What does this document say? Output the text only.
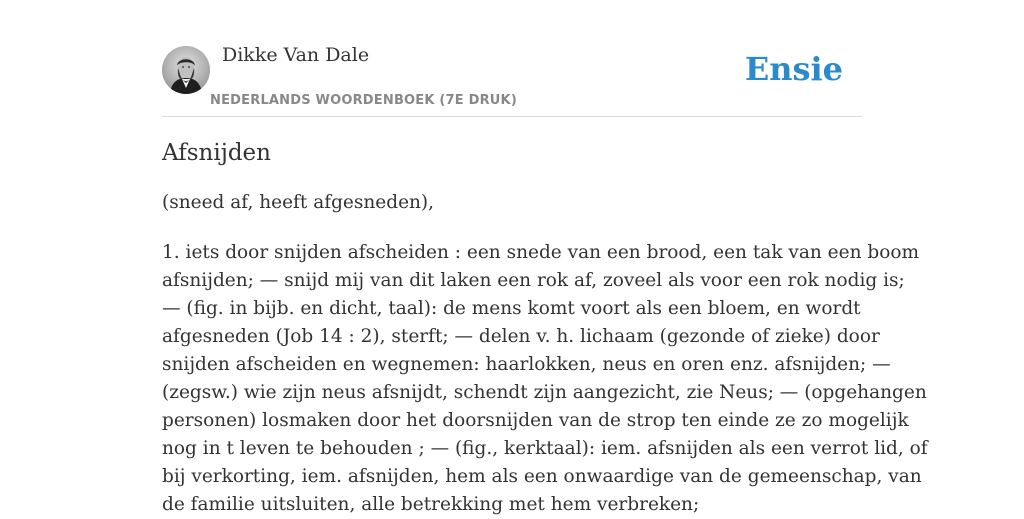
Dikke Van Dale
NEDERLANDS WOORDENBOEK (7E DRUK)
Ensie
Afsnijden

(sneed af, heeft afgesneden),

1. iets door snijden afscheiden : een snede van een brood, een tak van een boom
afsnijden; — snijd mij van dit laken een rok af, zoveel als voor een rok nodig is;
— (fig. in bijb. en dicht, taal): de mens komt voort als een bloem, en wordt
afgesneden (Job 14 : 2), sterft; — delen v. h. lichaam (gezonde of zieke) door
snijden afscheiden en wegnemen: haarlokken, neus en oren enz. afsnijden; —
(zegsw.) wie zijn neus afsnijdt, schendt zijn aangezicht, zie Neus; — (opgehangen
personen) losmaken door het doorsnijden van de strop ten einde ze zo mogelijk
nog in t leven te behouden ; — (fig., kerktaal): iem. afsnijden als een verrot lid, of
bij verkorting, iem. afsnijden, hem als een onwaardige van de gemeenschap, van
de familie uitsluiten, alle betrekking met hem verbreken;
